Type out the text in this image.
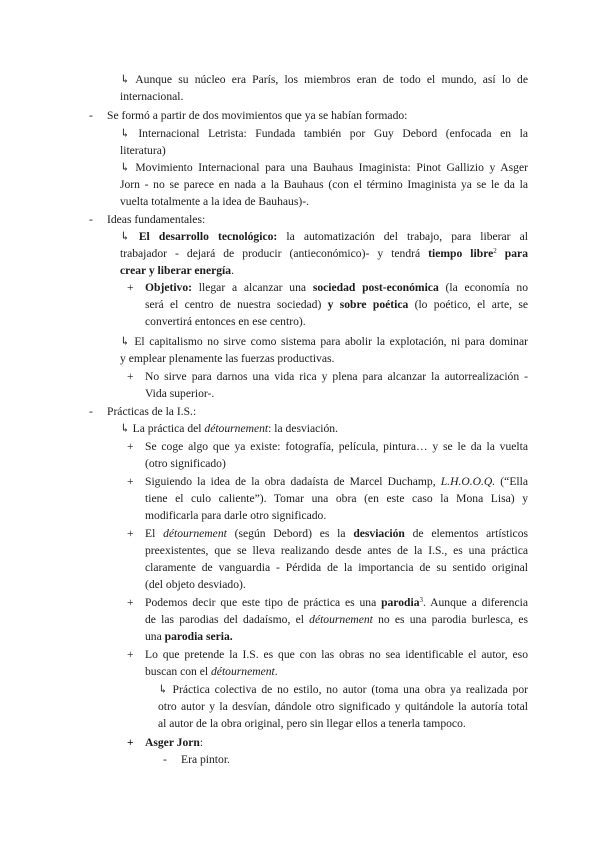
↳ Aunque su núcleo era París, los miembros eran de todo el mundo, así lo de
internacional.
- Se formó a partir de dos movimientos que ya se habían formado:
↳ Internacional Letrista: Fundada también por Guy Debord (enfocada en la
literatura)
↳ Movimiento Internacional para una Bauhaus Imaginista: Pinot Gallizio y Asger
Jorn - no se parece en nada a la Bauhaus (con el término Imaginista ya se le da la
vuelta totalmente a la idea de Bauhaus)-.
- Ideas fundamentales:
↳ El desarrollo tecnológico: la automatización del trabajo, para liberar al
trabajador - dejará de producir (antieconómico)- y tendrá tiempo libre$^2$ para
crear y liberar energía.
+ Objetivo: llegar a alcanzar una sociedad post-económica (la economía no
será el centro de nuestra sociedad) y sobre poética (lo poético, el arte, se
convertirá entonces en ese centro).
↳ El capitalismo no sirve como sistema para abolir la explotación, ni para dominar
y emplear plenamente las fuerzas productivas.
+ No sirve para darnos una vida rica y plena para alcanzar la autorrealización -
Vida superior-.
- Prácticas de la I.S.:
↳ La práctica del détournement: la desviación.
+ Se coge algo que ya existe: fotografía, película, pintura… y se le da la vuelta
(otro significado)
+ Siguiendo la idea de la obra dadaísta de Marcel Duchamp, L.H.O.O.Q. (“Ella
tiene el culo caliente”). Tomar una obra (en este caso la Mona Lisa) y
modificarla para darle otro significado.
+ El détournement (según Debord) es la desviación de elementos artísticos
preexistentes, que se lleva realizando desde antes de la I.S., es una práctica
claramente de vanguardia - Pérdida de la importancia de su sentido original
(del objeto desviado).
+ Podemos decir que este tipo de práctica es una parodia$^3$. Aunque a diferencia
de las parodias del dadaísmo, el détournement no es una parodia burlesca, es
una parodia seria.
+ Lo que pretende la I.S. es que con las obras no sea identificable el autor, eso
buscan con el détournement.
↳ Práctica colectiva de no estilo, no autor (toma una obra ya realizada por
otro autor y la desvían, dándole otro significado y quitándole la autoría total
al autor de la obra original, pero sin llegar ellos a tenerla tampoco.
+ Asger Jorn:
- Era pintor.
